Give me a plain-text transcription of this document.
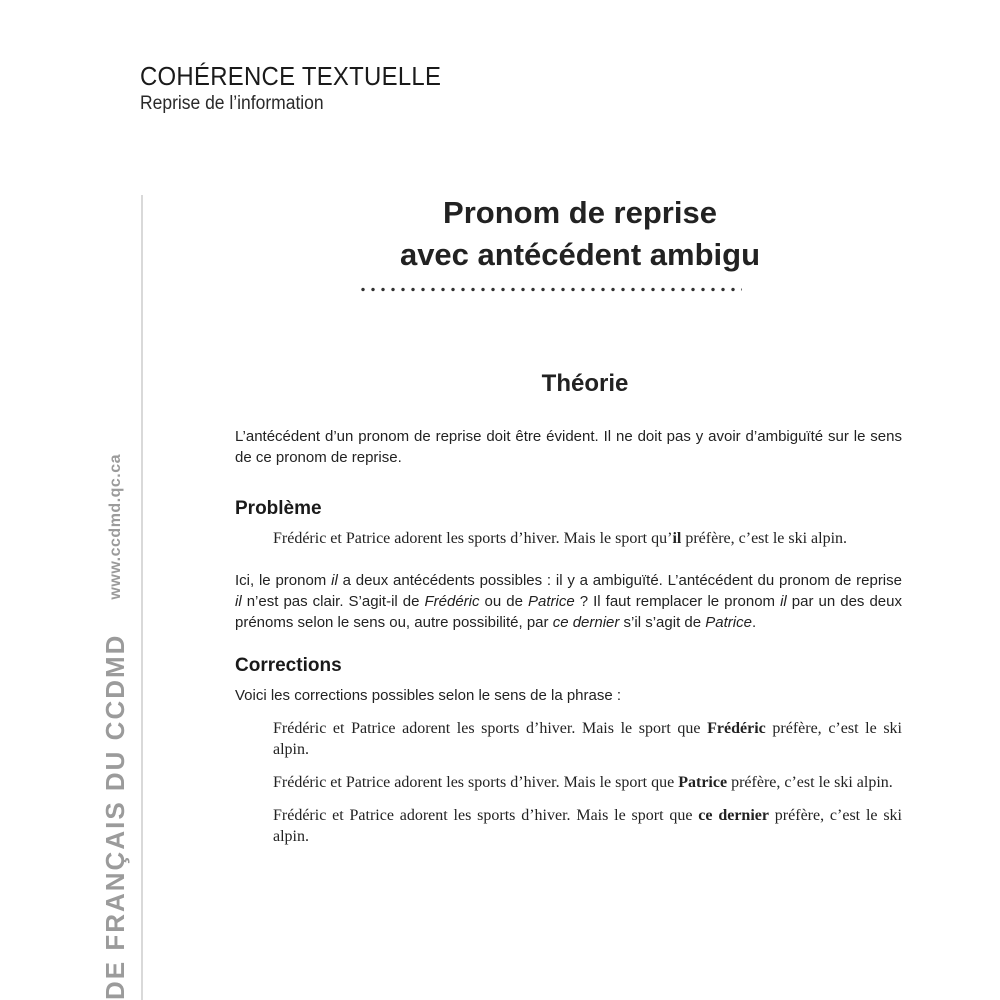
COHÉRENCE TEXTUELLE
Reprise de l’information
DE FRANÇAIS DU CCDMDwww.ccdmd.qc.ca
Pronom de reprise
avec antécédent ambigu
Théorie

L’antécédent d’un pronom de reprise doit être évident. Il ne doit pas y avoir d’ambiguïté sur le sens de ce pronom de reprise.

Problème

Frédéric et Patrice adorent les sports d’hiver. Mais le sport qu’il préfère, c’est le ski alpin.

Ici, le pronom il a deux antécédents possibles : il y a ambiguïté. L’antécédent du pronom de reprise il n’est pas clair. S’agit-il de Frédéric ou de Patrice ? Il faut remplacer le pronom il par un des deux prénoms selon le sens ou, autre possibilité, par ce dernier s’il s’agit de Patrice.

Corrections

Voici les corrections possibles selon le sens de la phrase :

Frédéric et Patrice adorent les sports d’hiver. Mais le sport que Frédéric préfère, c’est le ski alpin.

Frédéric et Patrice adorent les sports d’hiver. Mais le sport que Patrice préfère, c’est le ski alpin.

Frédéric et Patrice adorent les sports d’hiver. Mais le sport que ce dernier préfère, c’est le ski alpin.
